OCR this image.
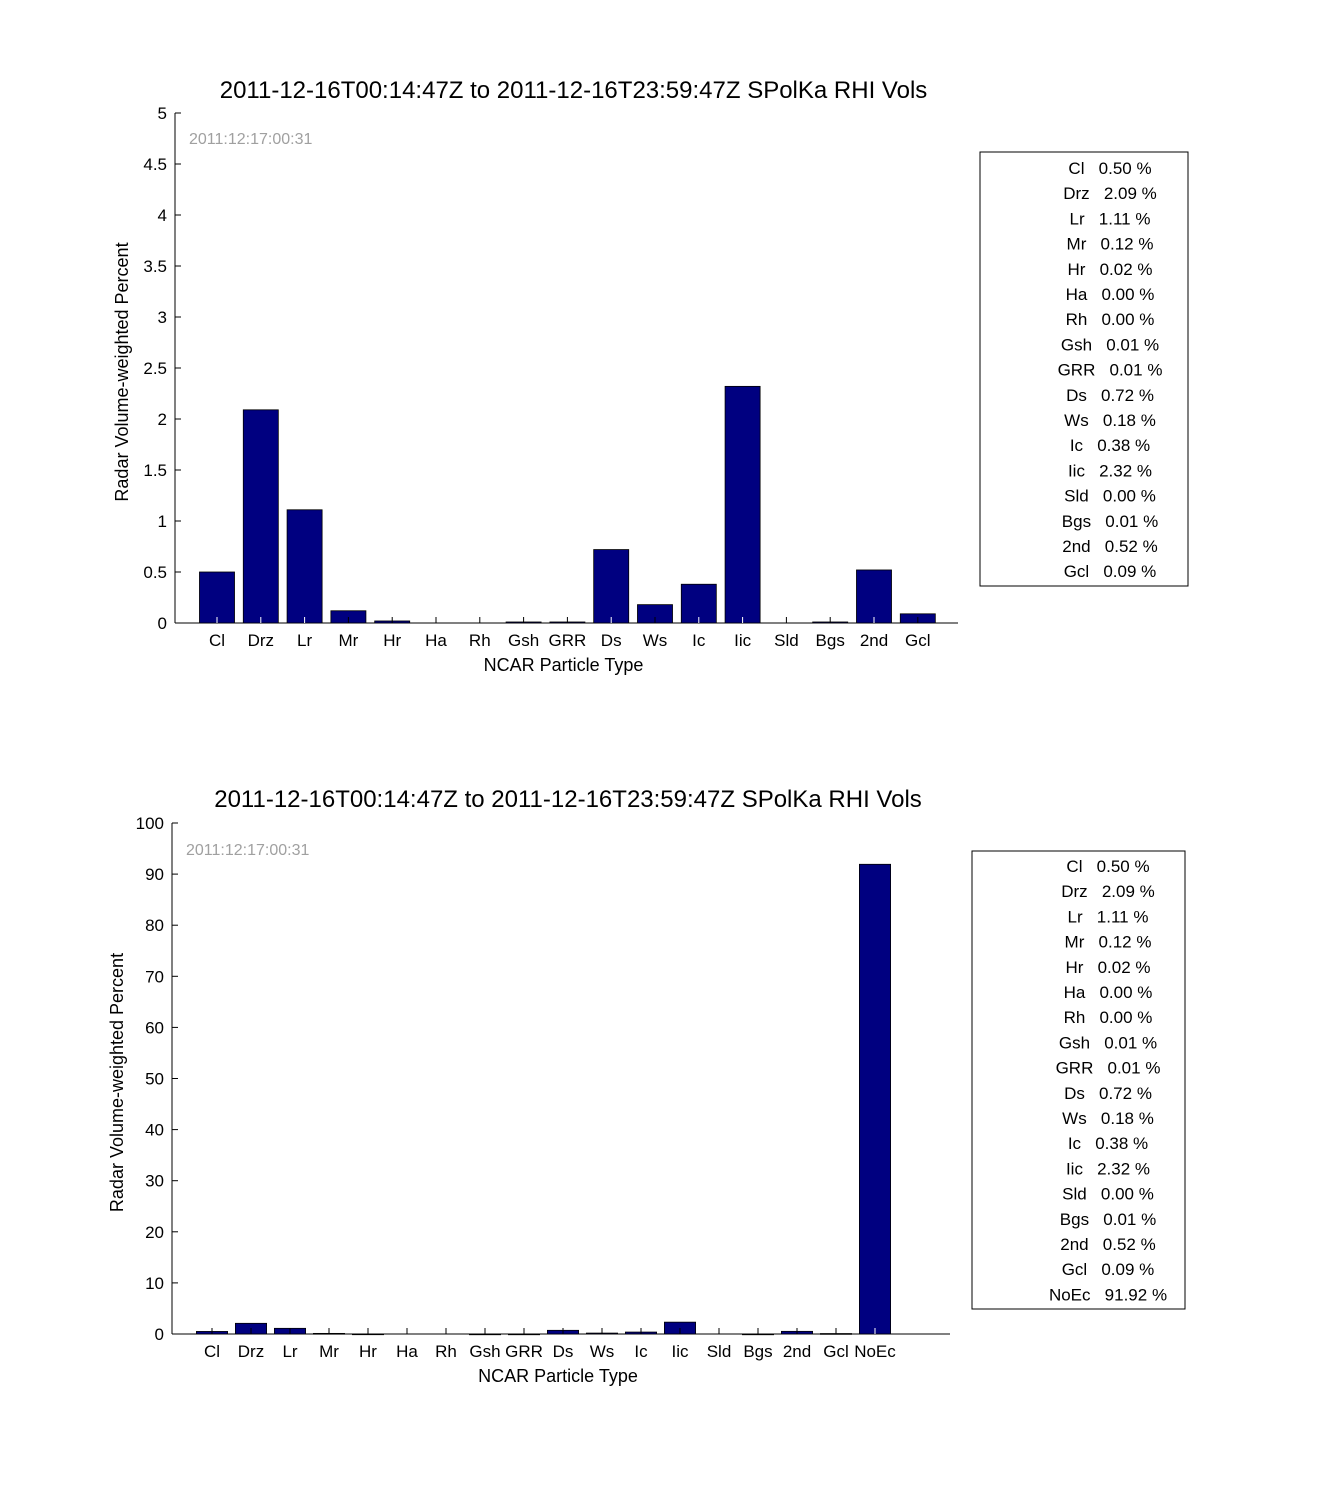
2011-12-16T00:14:47Z to 2011-12-16T23:59:47Z SPolKa RHI Vols
0
0.5
1
1.5
2
2.5
3
3.5
4
4.5
5
Radar Volume-weighted Percent
2011:12:17:00:31
Cl Drz Lr Mr Hr Ha Rh Gsh GRR Ds Ws Ic Iic Sld Bgs 2nd Gcl
NCAR Particle Type
Cl   0.50 %
Drz   2.09 %
Lr   1.11 %
Mr   0.12 %
Hr   0.02 %
Ha   0.00 %
Rh   0.00 %
Gsh   0.01 %
GRR   0.01 %
Ds   0.72 %
Ws   0.18 %
Ic   0.38 %
Iic   2.32 %
Sld   0.00 %
Bgs   0.01 %
2nd   0.52 %
Gcl   0.09 %
2011-12-16T00:14:47Z to 2011-12-16T23:59:47Z SPolKa RHI Vols
0
10
20
30
40
50
60
70
80
90
100
Radar Volume-weighted Percent
2011:12:17:00:31
Cl Drz Lr Mr Hr Ha Rh Gsh GRR Ds Ws Ic Iic Sld Bgs 2nd Gcl NoEc
NCAR Particle Type
Cl   0.50 %
Drz   2.09 %
Lr   1.11 %
Mr   0.12 %
Hr   0.02 %
Ha   0.00 %
Rh   0.00 %
Gsh   0.01 %
GRR   0.01 %
Ds   0.72 %
Ws   0.18 %
Ic   0.38 %
Iic   2.32 %
Sld   0.00 %
Bgs   0.01 %
2nd   0.52 %
Gcl   0.09 %
NoEc   91.92 %
